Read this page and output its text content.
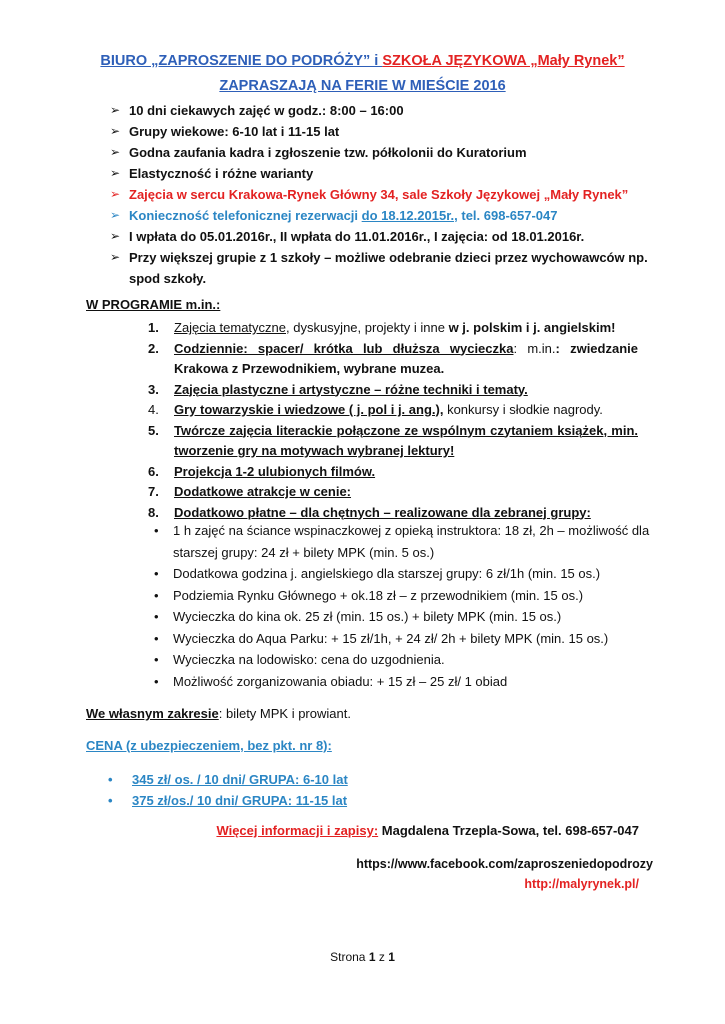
BIURO „ZAPROSZENIE DO PODRÓŻY” i SZKOŁA JĘZYKOWA „Mały Rynek”
ZAPRASZAJĄ NA FERIE W MIEŚCIE 2016
➢ 10 dni ciekawych zajęć w godz.: 8:00 – 16:00
➢ Grupy wiekowe: 6-10 lat i 11-15 lat
➢ Godna zaufania kadra i zgłoszenie tzw. półkolonii do Kuratorium
➢ Elastyczność i różne warianty
➢ Zajęcia w sercu Krakowa-Rynek Główny 34, sale Szkoły Językowej „Mały Rynek”
➢ Konieczność telefonicznej rezerwacji do 18.12.2015r., tel. 698-657-047
➢ I wpłata do 05.01.2016r., II wpłata do 11.01.2016r., I zajęcia: od 18.01.2016r.
➢ Przy większej grupie z 1 szkoły – możliwe odebranie dzieci przez wychowawców np. spod szkoły.
W PROGRAMIE m.in.:
1. Zajęcia tematyczne, dyskusyjne, projekty i inne w j. polskim i j. angielskim!
2. Codziennie: spacer/ krótka lub dłuższa wycieczka: m.in.: zwiedzanie Krakowa z Przewodnikiem, wybrane muzea.
3. Zajęcia plastyczne i artystyczne – różne techniki i tematy.
4. Gry towarzyskie i wiedzowe ( j. pol i j. ang.), konkursy i słodkie nagrody.
5. Twórcze zajęcia literackie połączone ze wspólnym czytaniem książek, min. tworzenie gry na motywach wybranej lektury!
6. Projekcja 1-2 ulubionych filmów.
7. Dodatkowe atrakcje w cenie:
8. Dodatkowo płatne – dla chętnych – realizowane dla zebranej grupy:
• 1 h zajęć na ściance wspinaczkowej z opieką instruktora: 18 zł, 2h – możliwość dla starszej grupy: 24 zł + bilety MPK (min. 5 os.)
• Dodatkowa godzina j. angielskiego dla starszej grupy: 6 zł/1h (min. 15 os.)
• Podziemia Rynku Głównego + ok.18 zł – z przewodnikiem (min. 15 os.)
• Wycieczka do kina ok. 25 zł (min. 15 os.) + bilety MPK (min. 15 os.)
• Wycieczka do Aqua Parku: + 15 zł/1h, + 24 zł/ 2h + bilety MPK (min. 15 os.)
• Wycieczka na lodowisko: cena do uzgodnienia.
• Możliwość zorganizowania obiadu: + 15 zł – 25 zł/ 1 obiad
We własnym zakresie: bilety MPK i prowiant.
CENA (z ubezpieczeniem, bez pkt. nr 8):
• 345 zł/ os. / 10 dni/ GRUPA: 6-10 lat
• 375 zł/os./ 10 dni/ GRUPA: 11-15 lat
Więcej informacji i zapisy: Magdalena Trzepla-Sowa, tel. 698-657-047
https://www.facebook.com/zaproszeniedopodrozy
http://malyrynek.pl/
Strona 1 z 1
